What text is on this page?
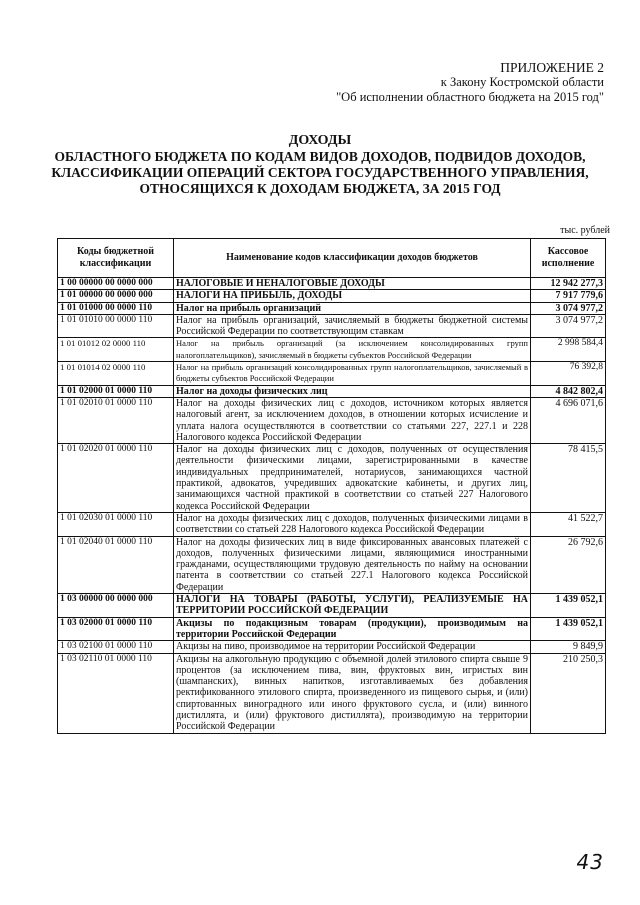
ПРИЛОЖЕНИЕ 2
к Закону Костромской области
"Об исполнении областного бюджета на 2015 год"
ДОХОДЫ
ОБЛАСТНОГО БЮДЖЕТА ПО КОДАМ ВИДОВ ДОХОДОВ, ПОДВИДОВ ДОХОДОВ,
КЛАССИФИКАЦИИ ОПЕРАЦИЙ СЕКТОРА ГОСУДАРСТВЕННОГО УПРАВЛЕНИЯ,
ОТНОСЯЩИХСЯ К ДОХОДАМ БЮДЖЕТА, ЗА 2015 ГОД
тыс. рублей
Коды бюджетной классификации	Наименование кодов классификации доходов бюджетов	Кассовое исполнение
1 00 00000 00 0000 000	НАЛОГОВЫЕ И НЕНАЛОГОВЫЕ ДОХОДЫ	12 942 277,3
1 01 00000 00 0000 000	НАЛОГИ НА ПРИБЫЛЬ, ДОХОДЫ	7 917 779,6
1 01 01000 00 0000 110	Налог на прибыль организаций	3 074 977,2
1 01 01010 00 0000 110	Налог на прибыль организаций, зачисляемый в бюджеты бюджетной системы Российской Федерации по соответствующим ставкам	3 074 977,2
1 01 01012 02 0000 110	Налог на прибыль организаций (за исключением консолидированных групп налогоплательщиков), зачисляемый в бюджеты субъектов Российской Федерации	2 998 584,4
1 01 01014 02 0000 110	Налог на прибыль организаций консолидированных групп налогоплательщиков, зачисляемый в бюджеты субъектов Российской Федерации	76 392,8
1 01 02000 01 0000 110	Налог на доходы физических лиц	4 842 802,4
1 01 02010 01 0000 110	Налог на доходы физических лиц с доходов, источником которых является налоговый агент, за исключением доходов, в отношении которых исчисление и уплата налога осуществляются в соответствии со статьями 227, 227.1 и 228 Налогового кодекса Российской Федерации	4 696 071,6
1 01 02020 01 0000 110	Налог на доходы физических лиц с доходов, полученных от осуществления деятельности физическими лицами, зарегистрированными в качестве индивидуальных предпринимателей, нотариусов, занимающихся частной практикой, адвокатов, учредивших адвокатские кабинеты, и других лиц, занимающихся частной практикой в соответствии со статьей 227 Налогового кодекса Российской Федерации	78 415,5
1 01 02030 01 0000 110	Налог на доходы физических лиц с доходов, полученных физическими лицами в соответствии со статьей 228 Налогового кодекса Российской Федерации	41 522,7
1 01 02040 01 0000 110	Налог на доходы физических лиц в виде фиксированных авансовых платежей с доходов, полученных физическими лицами, являющимися иностранными гражданами, осуществляющими трудовую деятельность по найму на основании патента в соответствии со статьей 227.1 Налогового кодекса Российской Федерации	26 792,6
1 03 00000 00 0000 000	НАЛОГИ НА ТОВАРЫ (РАБОТЫ, УСЛУГИ), РЕАЛИЗУЕМЫЕ НА ТЕРРИТОРИИ РОССИЙСКОЙ ФЕДЕРАЦИИ	1 439 052,1
1 03 02000 01 0000 110	Акцизы по подакцизным товарам (продукции), производимым на территории Российской Федерации	1 439 052,1
1 03 02100 01 0000 110	Акцизы на пиво, производимое на территории Российской Федерации	9 849,9
1 03 02110 01 0000 110	Акцизы на алкогольную продукцию с объемной долей этилового спирта свыше 9 процентов (за исключением пива, вин, фруктовых вин, игристых вин (шампанских), винных напитков, изготавливаемых без добавления ректификованного этилового спирта, произведенного из пищевого сырья, и (или) спиртованных виноградного или иного фруктового сусла, и (или) винного дистиллята, и (или) фруктового дистиллята), производимую на территории Российской Федерации	210 250,3
43
